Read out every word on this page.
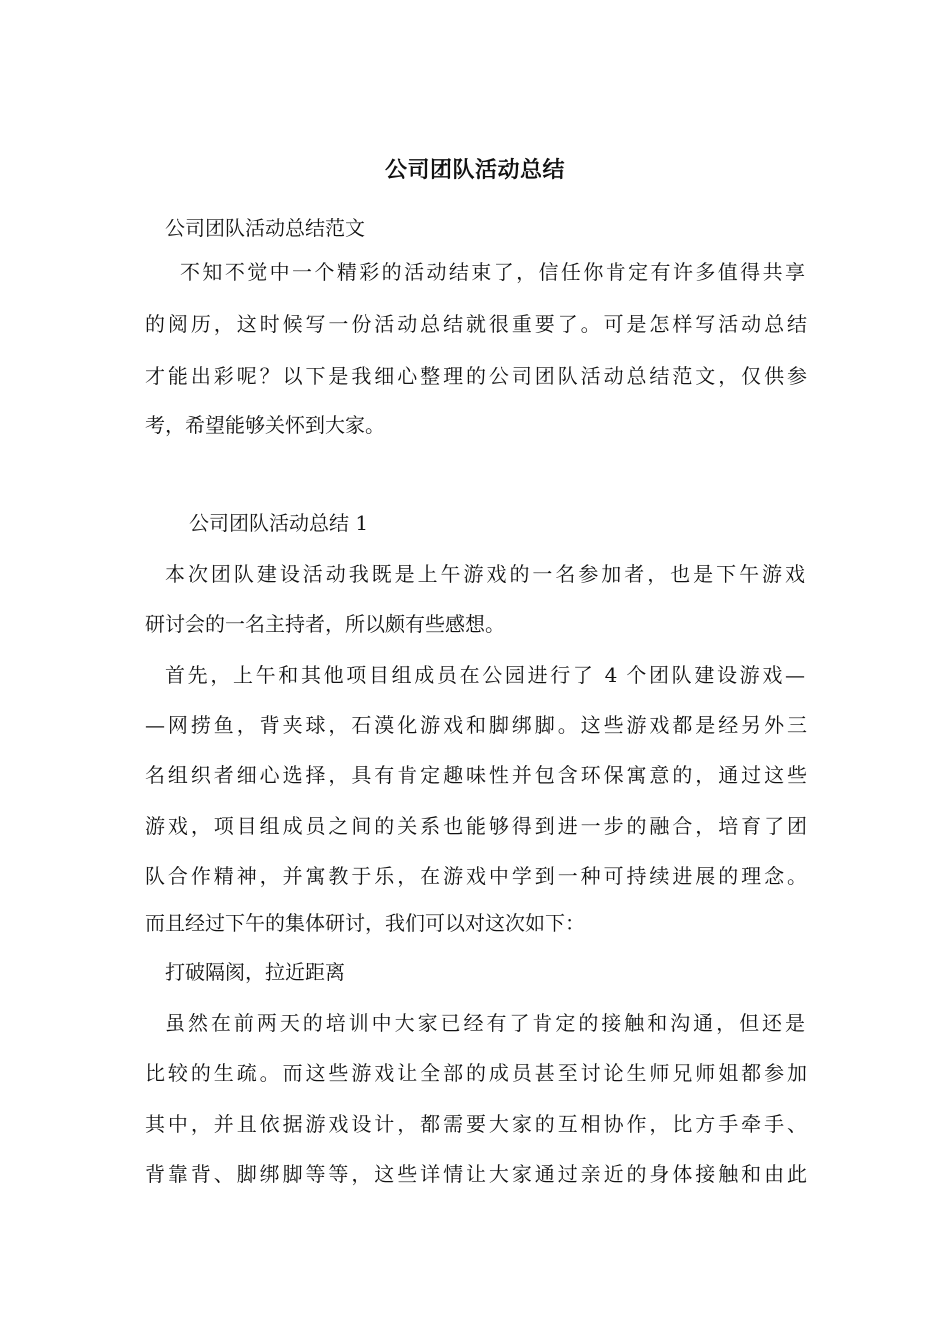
公司团队活动总结
公司团队活动总结范文
不知不觉中一个精彩的活动结束了，信任你肯定有许多值得共享
的阅历，这时候写一份活动总结就很重要了。可是怎样写活动总结
才能出彩呢？以下是我细心整理的公司团队活动总结范文，仅供参
考，希望能够关怀到大家。
公司团队活动总结 1
本次团队建设活动我既是上午游戏的一名参加者，也是下午游戏
研讨会的一名主持者，所以颇有些感想。
首先，上午和其他项目组成员在公园进行了 4 个团队建设游戏—
—网捞鱼，背夹球，石漠化游戏和脚绑脚。这些游戏都是经另外三
名组织者细心选择，具有肯定趣味性并包含环保寓意的，通过这些
游戏，项目组成员之间的关系也能够得到进一步的融合，培育了团
队合作精神，并寓教于乐，在游戏中学到一种可持续进展的理念。
而且经过下午的集体研讨，我们可以对这次如下：
打破隔阂，拉近距离
虽然在前两天的培训中大家已经有了肯定的接触和沟通，但还是
比较的生疏。而这些游戏让全部的成员甚至讨论生师兄师姐都参加
其中，并且依据游戏设计，都需要大家的互相协作，比方手牵手、
背靠背、脚绑脚等等，这些详情让大家通过亲近的身体接触和由此
